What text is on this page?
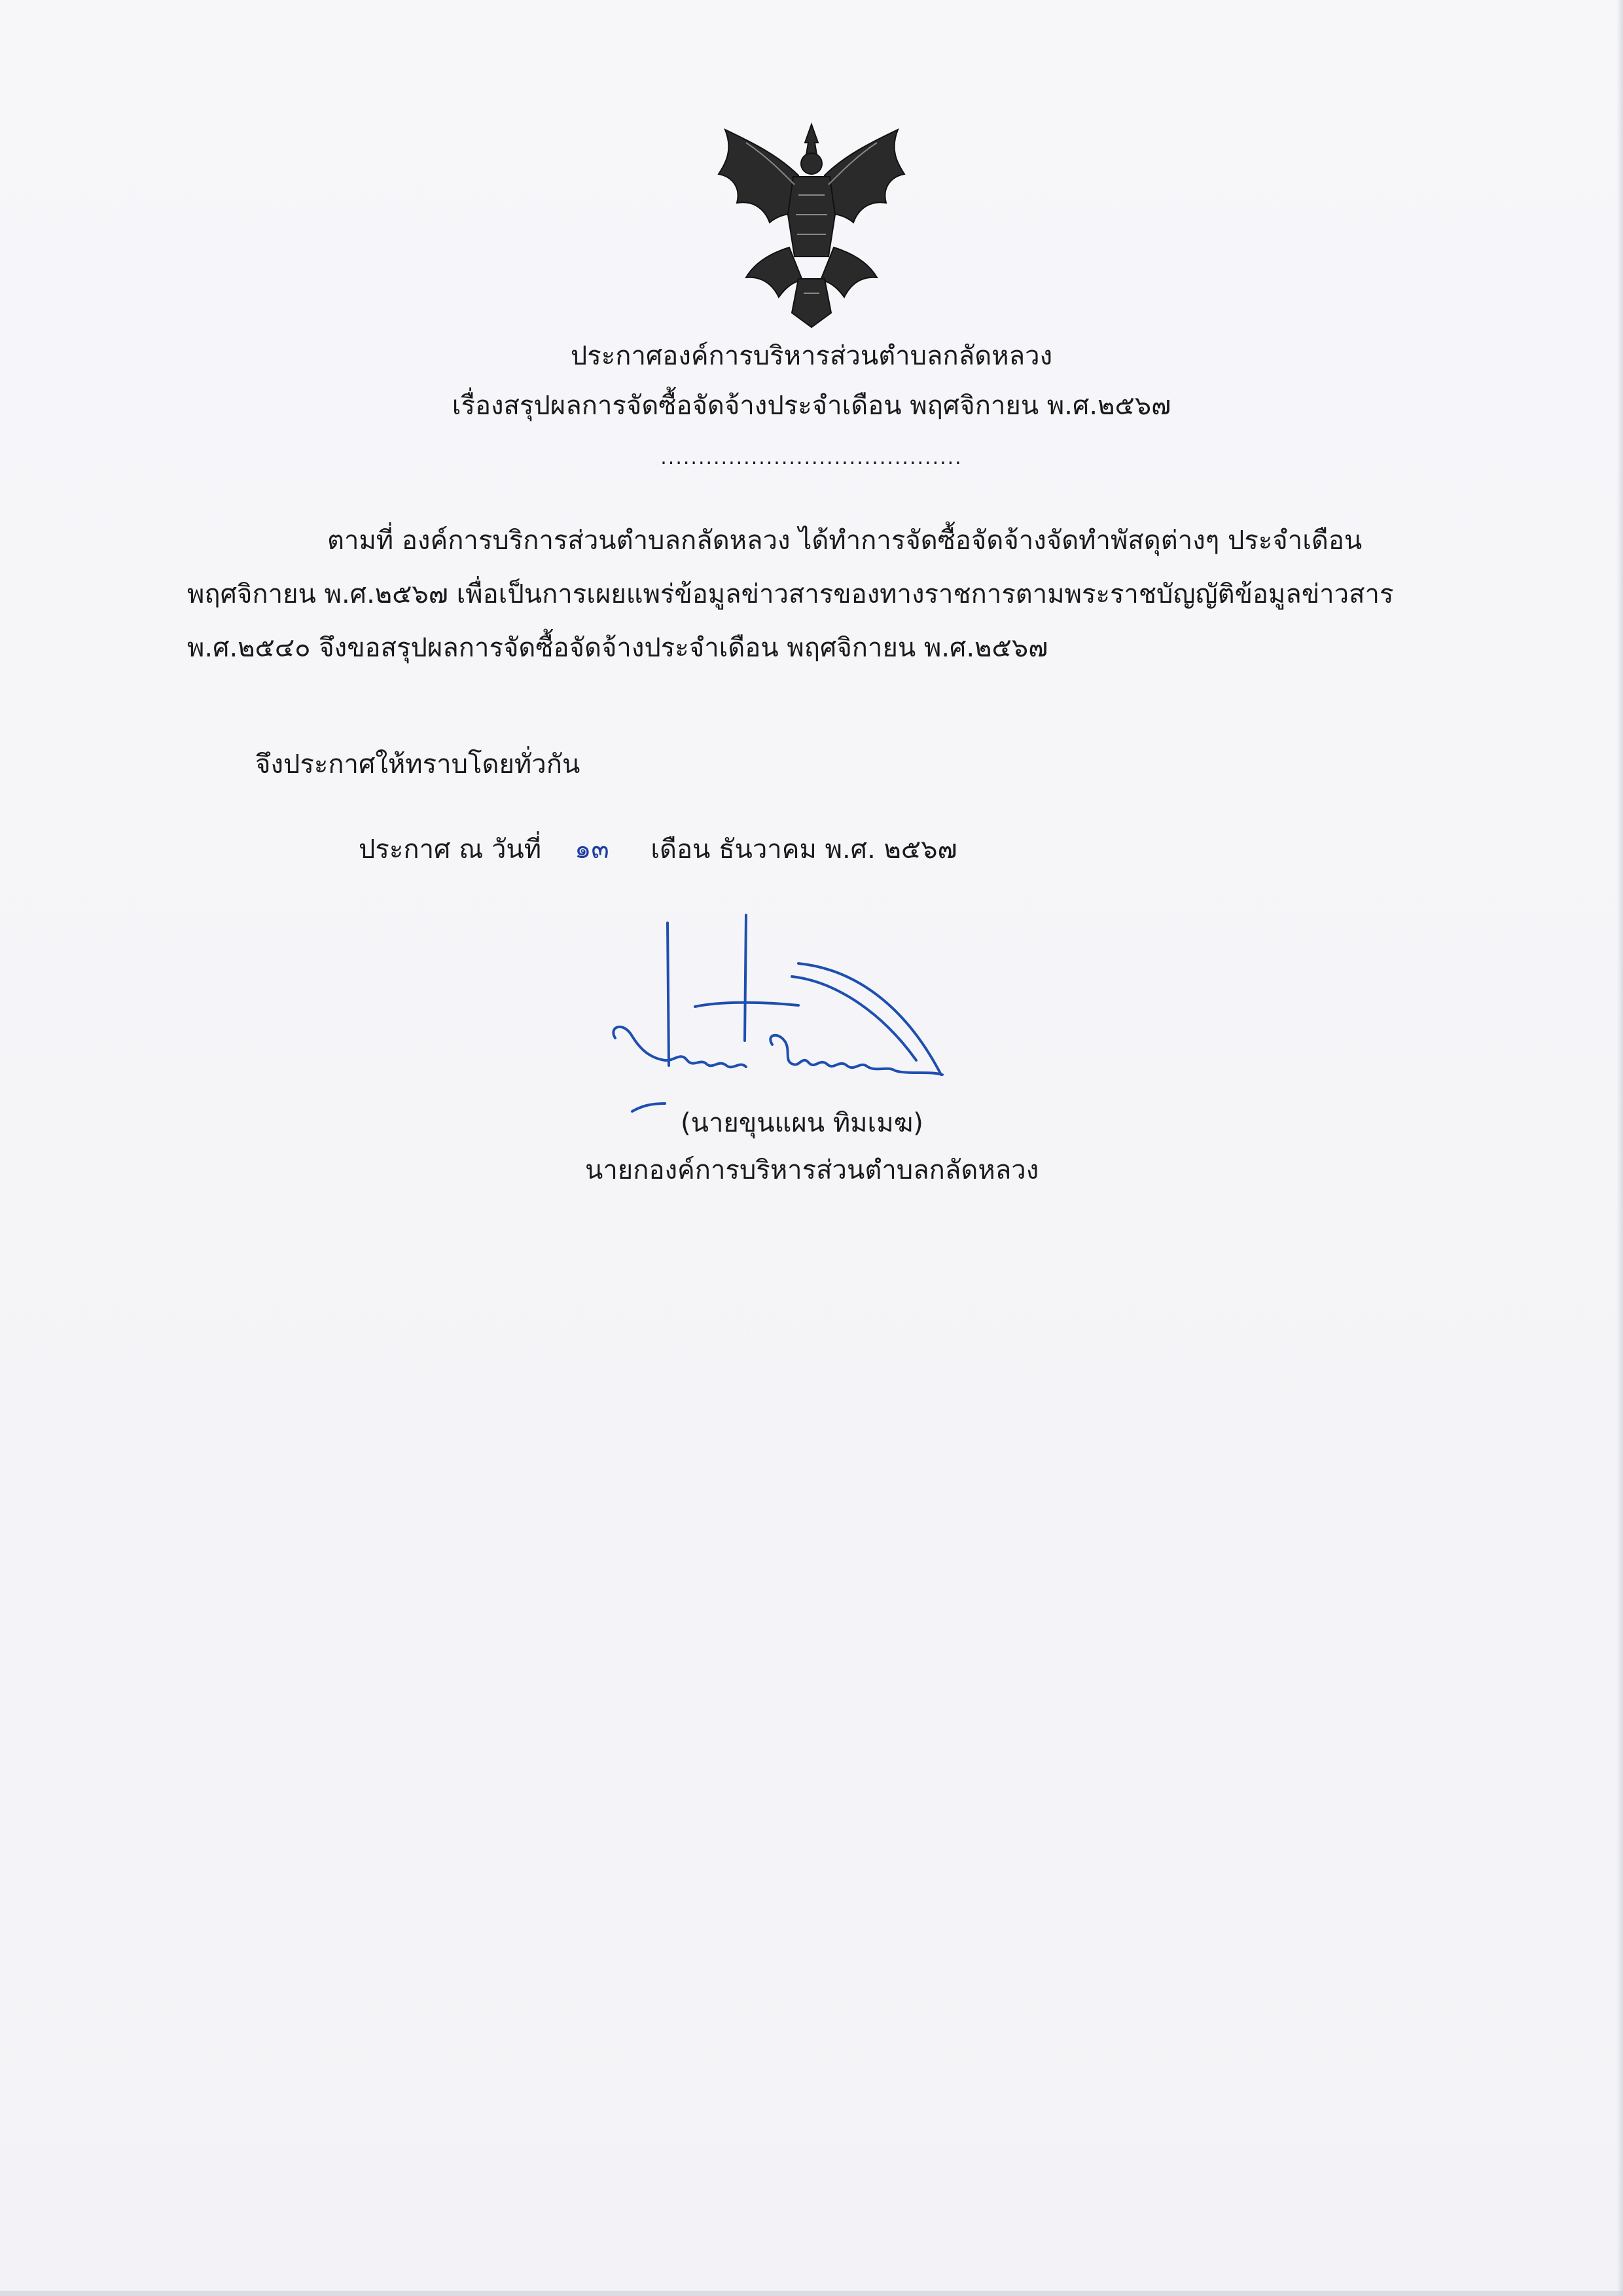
ประกาศองค์การบริหารส่วนตำบลกลัดหลวง
เรื่องสรุปผลการจัดซื้อจัดจ้างประจำเดือน พฤศจิกายน พ.ศ.๒๕๖๗
........................................
ตามที่ องค์การบริการส่วนตำบลกลัดหลวง ได้ทำการจัดซื้อจัดจ้างจัดทำพัสดุต่างๆ ประจำเดือน
พฤศจิกายน พ.ศ.๒๕๖๗ เพื่อเป็นการเผยแพร่ข้อมูลข่าวสารของทางราชการตามพระราชบัญญัติข้อมูลข่าวสาร
พ.ศ.๒๕๔๐ จึงขอสรุปผลการจัดซื้อจัดจ้างประจำเดือน พฤศจิกายน พ.ศ.๒๕๖๗
จึงประกาศให้ทราบโดยทั่วกัน
ประกาศ ณ วันที่ ๑๓ เดือน ธันวาคม พ.ศ. ๒๕๖๗
(นายขุนแผน ทิมเมฆ)
นายกองค์การบริหารส่วนตำบลกลัดหลวง
